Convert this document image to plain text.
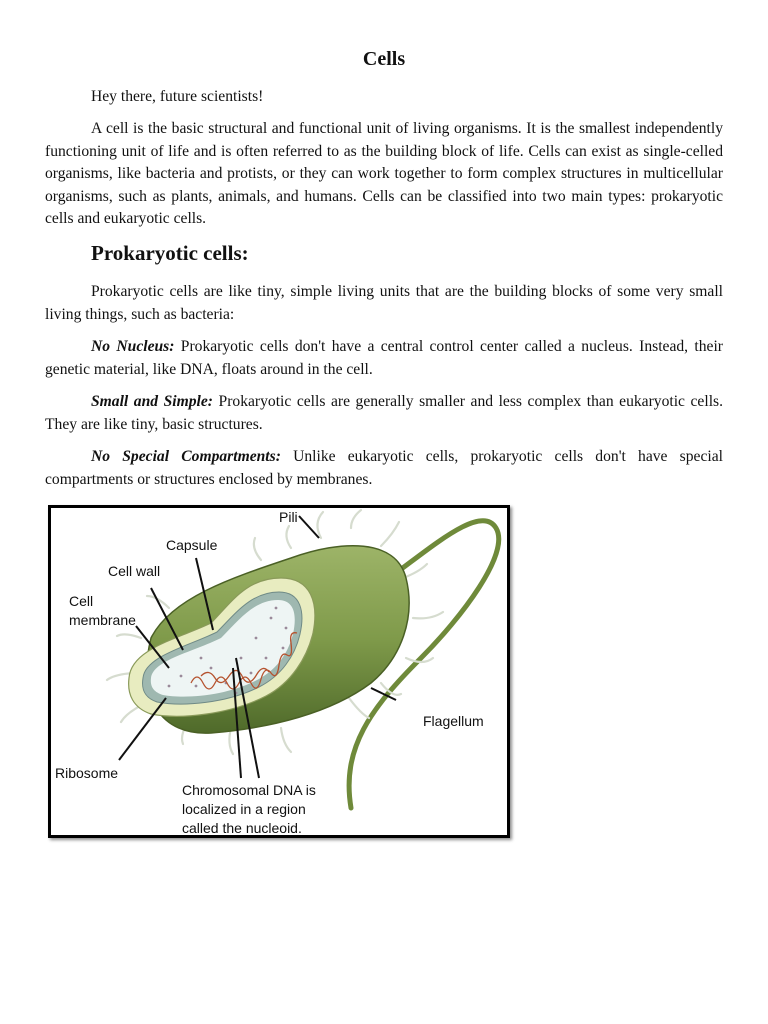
Cells

Hey there, future scientists!

A cell is the basic structural and functional unit of living organisms. It is the smallest independently functioning unit of life and is often referred to as the building block of life. Cells can exist as single-celled organisms, like bacteria and protists, or they can work together to form complex structures in multicellular organisms, such as plants, animals, and humans. Cells can be classified into two main types: prokaryotic cells and eukaryotic cells.

Prokaryotic cells:

Prokaryotic cells are like tiny, simple living units that are the building blocks of some very small living things, such as bacteria:

No Nucleus: Prokaryotic cells don't have a central control center called a nucleus. Instead, their genetic material, like DNA, floats around in the cell.

Small and Simple: Prokaryotic cells are generally smaller and less complex than eukaryotic cells. They are like tiny, basic structures.

No Special Compartments: Unlike eukaryotic cells, prokaryotic cells don't have special compartments or structures enclosed by membranes.

Pili
Capsule
Cell wall
Cell
membrane
Flagellum
Ribosome
Chromosomal DNA is
localized in a region
called the nucleoid.
